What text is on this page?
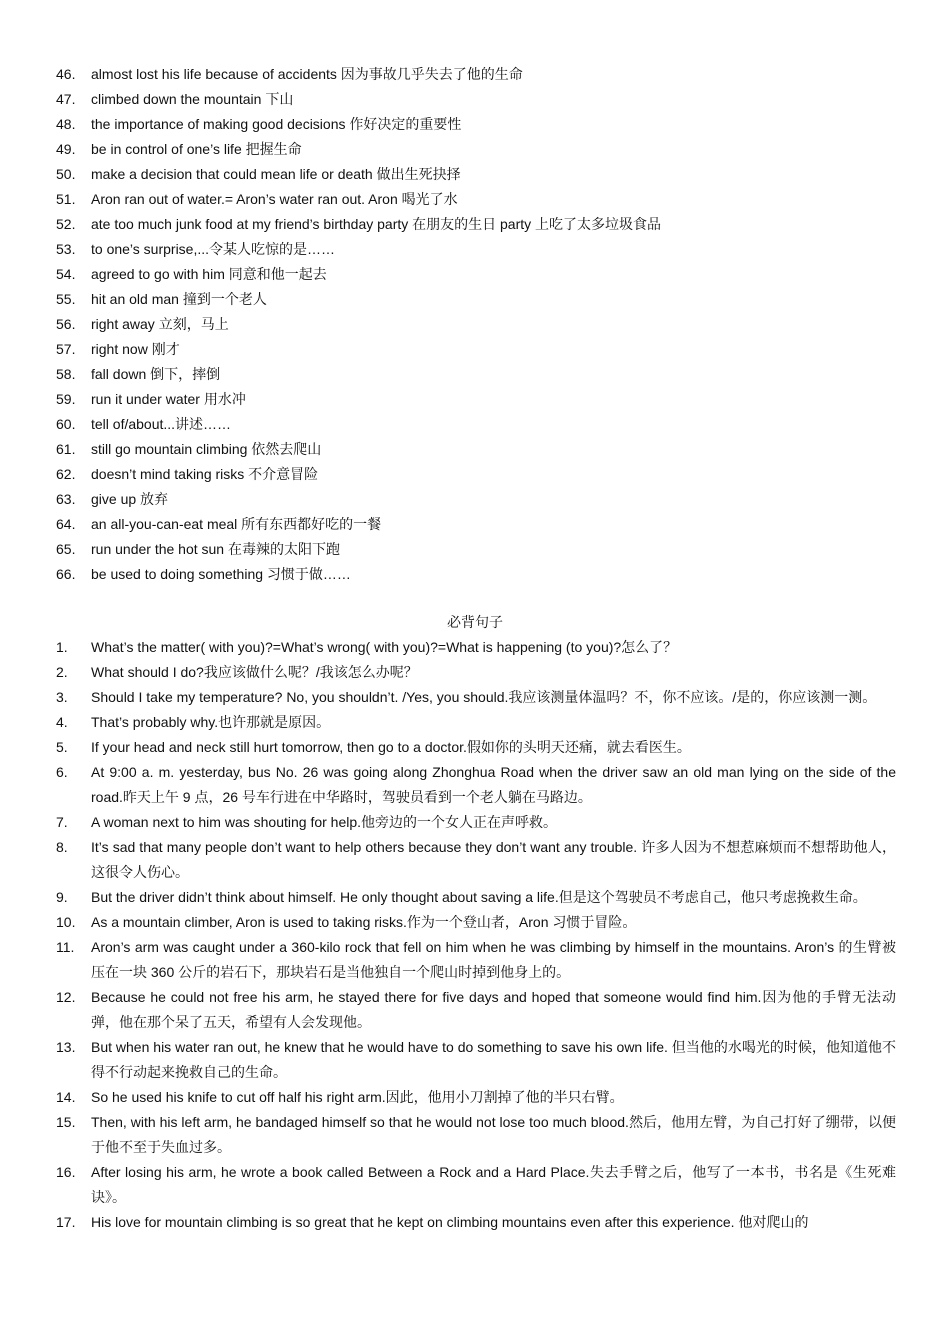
46.	almost lost his life because of accidents 因为事故几乎失去了他的生命
47.	climbed down the mountain 下山
48.	the importance of making good decisions 作好决定的重要性
49.	be in control of one’s life 把握生命
50.	make a decision that could mean life or death 做出生死抉择
51.	Aron ran out of water.= Aron’s water ran out. Aron 喝光了水
52.	ate too much junk food at my friend’s birthday party 在朋友的生日 party 上吃了太多垃圾食品
53.	to one’s surprise,...令某人吃惊的是……
54.	agreed to go with him 同意和他一起去
55.	hit an old man 撞到一个老人
56.	right away 立刻，马上
57.	right now 刚才
58.	fall down 倒下，摔倒
59.	run it under water 用水冲
60.	tell of/about...讲述……
61.	still go mountain climbing 依然去爬山
62.	doesn’t mind taking risks 不介意冒险
63.	give up 放弃
64.	an all-you-can-eat meal 所有东西都好吃的一餐
65.	run under the hot sun 在毒辣的太阳下跑
66.	be used to doing something 习惯于做……
必背句子
1.	What’s the matter( with you)?=What’s wrong( with you)?=What is happening (to you)?怎么了？
2.	What should I do?我应该做什么呢？/我该怎么办呢？
3.	Should I take my temperature? No, you shouldn’t. /Yes, you should.我应该测量体温吗？不，你不应该。/是的，你应该测一测。
4.	That’s probably why.也许那就是原因。
5.	If your head and neck still hurt tomorrow, then go to a doctor.假如你的头明天还痛，就去看医生。
6.	At 9:00 a. m. yesterday, bus No. 26 was going along Zhonghua Road when the driver saw an old man lying on the side of the road.昨天上午 9 点，26 号车行进在中华路时，驾驶员看到一个老人躺在马路边。
7.	A woman next to him was shouting for help.他旁边的一个女人正在声呼救。
8.	It’s sad that many people don’t want to help others because they don’t want any trouble. 许多人因为不想惹麻烦而不想帮助他人，这很令人伤心。
9.	But the driver didn’t think about himself. He only thought about saving a life.但是这个驾驶员不考虑自己，他只考虑挽救生命。
10.	As a mountain climber, Aron is used to taking risks.作为一个登山者，Aron 习惯于冒险。
11.	Aron’s arm was caught under a 360-kilo rock that fell on him when he was climbing by himself in the mountains. Aron’s 的生臂被压在一块 360 公斤的岩石下，那块岩石是当他独自一个爬山时掉到他身上的。
12.	Because he could not free his arm, he stayed there for five days and hoped that someone would find him.因为他的手臂无法动弹，他在那个呆了五天，希望有人会发现他。
13.	But when his water ran out, he knew that he would have to do something to save his own life. 但当他的水喝光的时候，他知道他不得不行动起来挽救自己的生命。
14.	So he used his knife to cut off half his right arm.因此，他用小刀割掉了他的半只右臂。
15.	Then, with his left arm, he bandaged himself so that he would not lose too much blood.然后，他用左臂，为自己打好了绷带，以便于他不至于失血过多。
16.	After losing his arm, he wrote a book called Between a Rock and a Hard Place.失去手臂之后，他写了一本书，书名是《生死难诀》。
17.	His love for mountain climbing is so great that he kept on climbing mountains even after this experience. 他对爬山的
